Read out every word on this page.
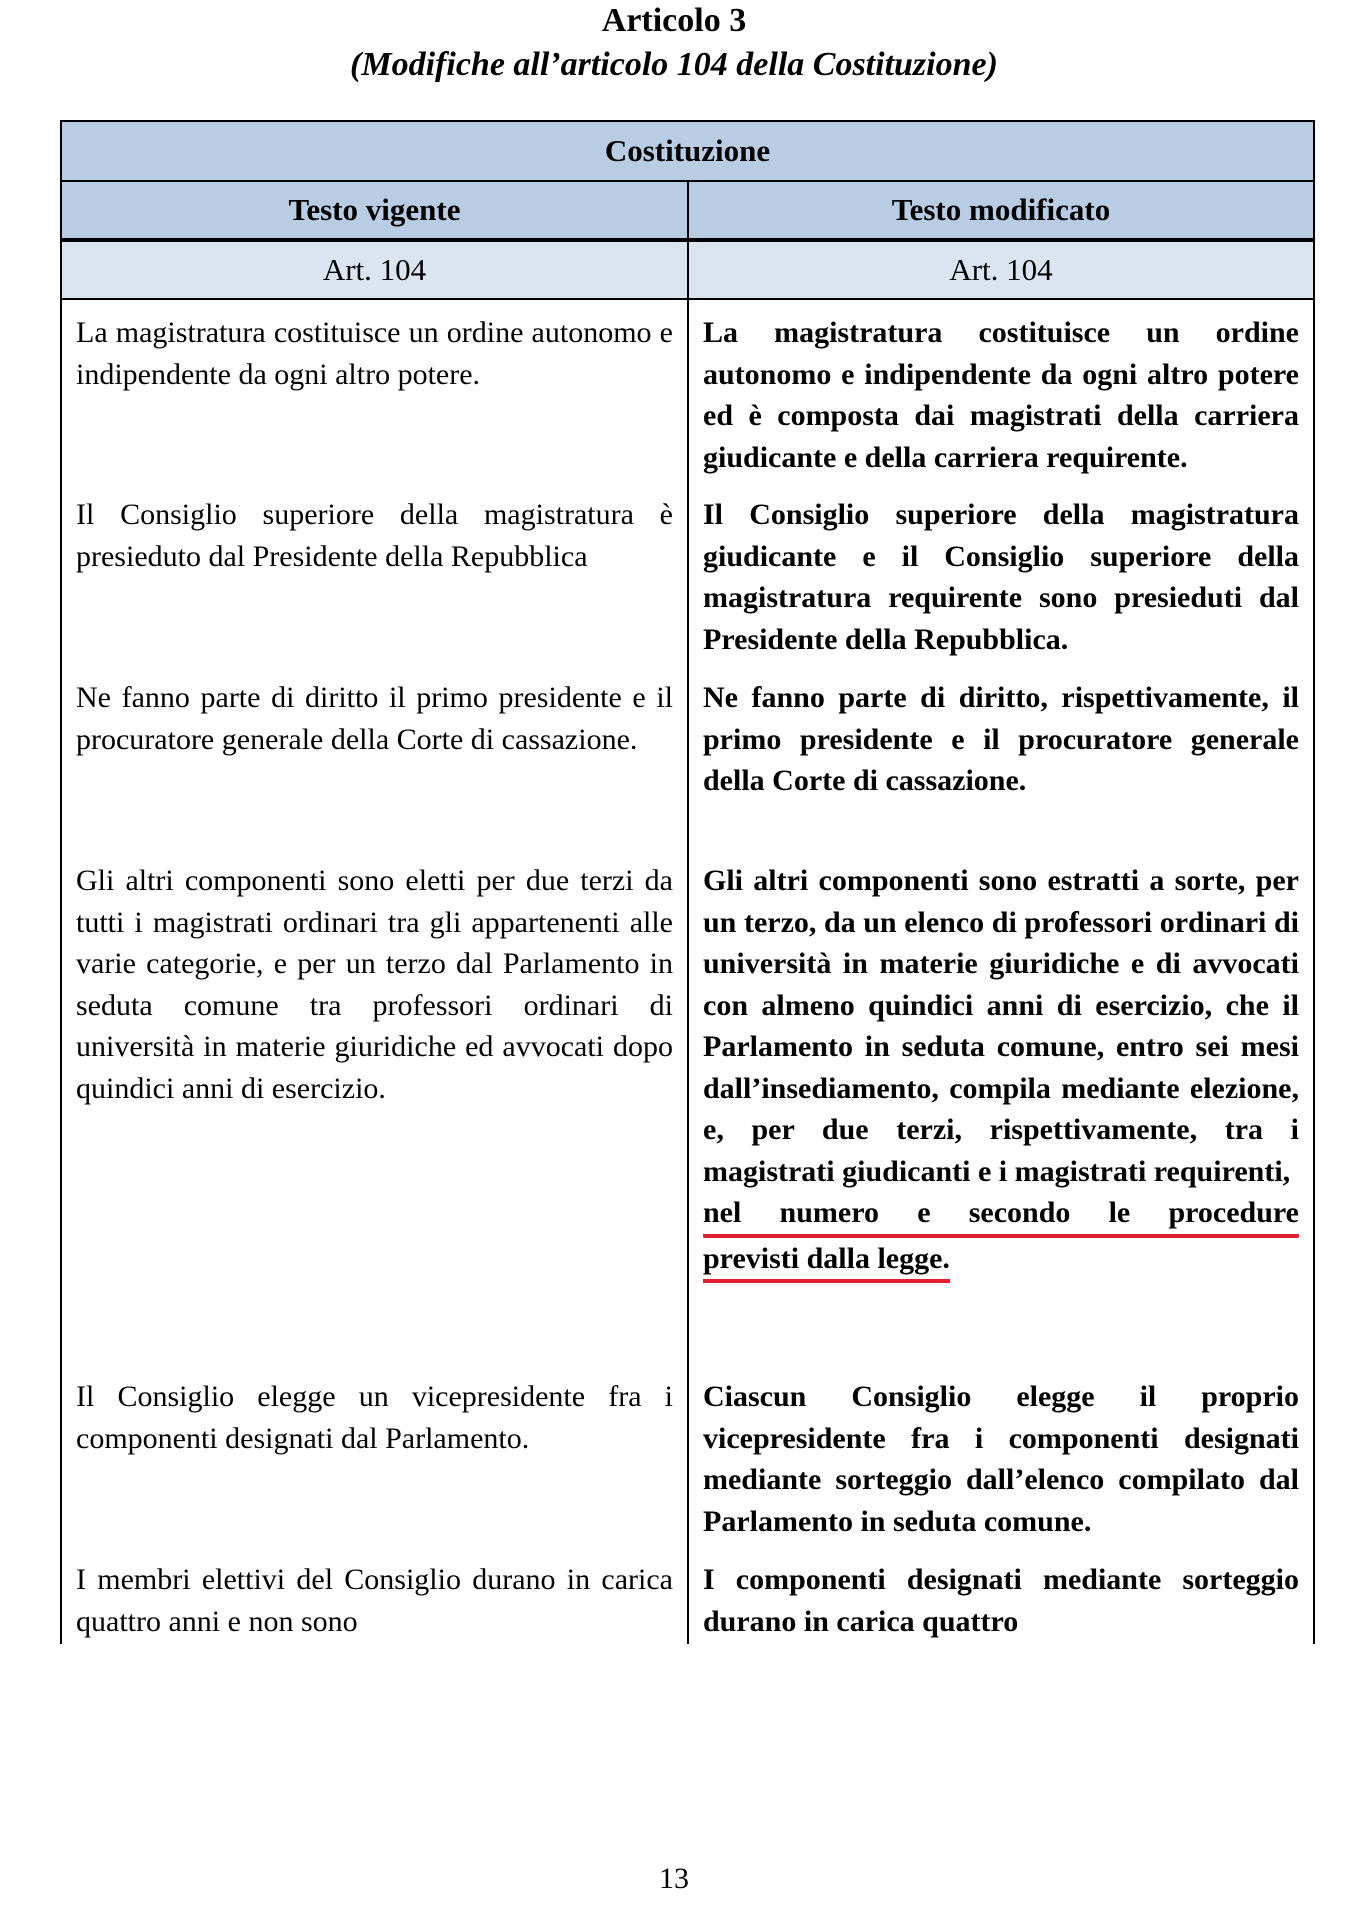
Articolo 3
(Modifiche all’articolo 104 della Costituzione)
Costituzione
Testo vigente	Testo modificato
Art. 104	Art. 104
La magistratura costituisce un ordine autonomo e indipendente da ogni altro potere.
La magistratura costituisce un ordine autonomo e indipendente da ogni altro potere ed è composta dai magistrati della carriera giudicante e della carriera requirente.
Il Consiglio superiore della magistratura è presieduto dal Presidente della Repubblica
Il Consiglio superiore della magistratura giudicante e il Consiglio superiore della magistratura requirente sono presieduti dal Presidente della Repubblica.
Ne fanno parte di diritto il primo presidente e il procuratore generale della Corte di cassazione.
Ne fanno parte di diritto, rispettivamente, il primo presidente e il procuratore generale della Corte di cassazione.
Gli altri componenti sono eletti per due terzi da tutti i magistrati ordinari tra gli appartenenti alle varie categorie, e per un terzo dal Parlamento in seduta comune tra professori ordinari di università in materie giuridiche ed avvocati dopo quindici anni di esercizio.
Gli altri componenti sono estratti a sorte, per un terzo, da un elenco di professori ordinari di università in materie giuridiche e di avvocati con almeno quindici anni di esercizio, che il Parlamento in seduta comune, entro sei mesi dall’insediamento, compila mediante elezione, e, per due terzi, rispettivamente, tra i magistrati giudicanti e i magistrati requirenti,
nel numero e secondo le procedure
previsti dalla legge.
Il Consiglio elegge un vicepresidente fra i componenti designati dal Parlamento.
Ciascun Consiglio elegge il proprio vicepresidente fra i componenti designati mediante sorteggio dall’elenco compilato dal Parlamento in seduta comune.
I membri elettivi del Consiglio durano in carica quattro anni e non sono
I componenti designati mediante sorteggio durano in carica quattro
13
